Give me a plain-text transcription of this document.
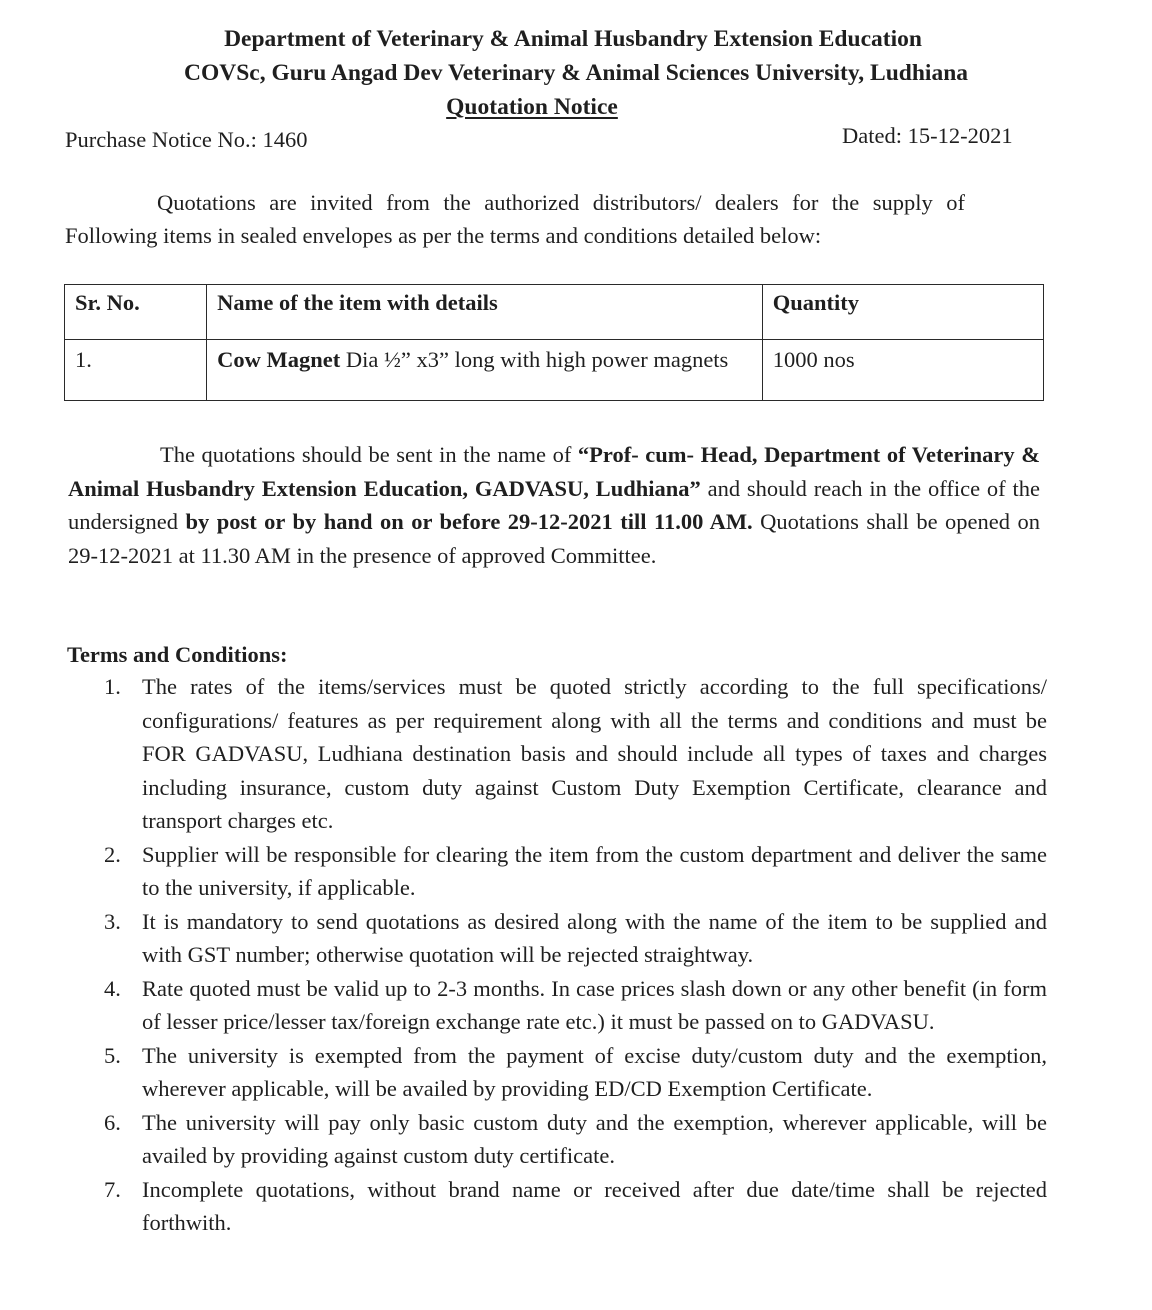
Department of Veterinary & Animal Husbandry Extension Education
COVSc, Guru Angad Dev Veterinary & Animal Sciences University, Ludhiana
Quotation Notice
Purchase Notice No.: 1460	Dated: 15-12-2021
Quotations are invited from the authorized distributors/ dealers for the supply of Following items in sealed envelopes as per the terms and conditions detailed below:
Sr. No.	Name of the item with details	Quantity
1.	Cow Magnet Dia ½” x3” long with high power magnets	1000 nos
The quotations should be sent in the name of “Prof- cum- Head, Department of Veterinary & Animal Husbandry Extension Education, GADVASU, Ludhiana” and should reach in the office of the undersigned by post or by hand on or before 29-12-2021 till 11.00 AM. Quotations shall be opened on 29-12-2021 at 11.30 AM in the presence of approved Committee.
Terms and Conditions:
1. The rates of the items/services must be quoted strictly according to the full specifications/ configurations/ features as per requirement along with all the terms and conditions and must be FOR GADVASU, Ludhiana destination basis and should include all types of taxes and charges including insurance, custom duty against Custom Duty Exemption Certificate, clearance and transport charges etc.
2. Supplier will be responsible for clearing the item from the custom department and deliver the same to the university, if applicable.
3. It is mandatory to send quotations as desired along with the name of the item to be supplied and with GST number; otherwise quotation will be rejected straightway.
4. Rate quoted must be valid up to 2-3 months. In case prices slash down or any other benefit (in form of lesser price/lesser tax/foreign exchange rate etc.) it must be passed on to GADVASU.
5. The university is exempted from the payment of excise duty/custom duty and the exemption, wherever applicable, will be availed by providing ED/CD Exemption Certificate.
6. The university will pay only basic custom duty and the exemption, wherever applicable, will be availed by providing against custom duty certificate.
7. Incomplete quotations, without brand name or received after due date/time shall be rejected forthwith.
